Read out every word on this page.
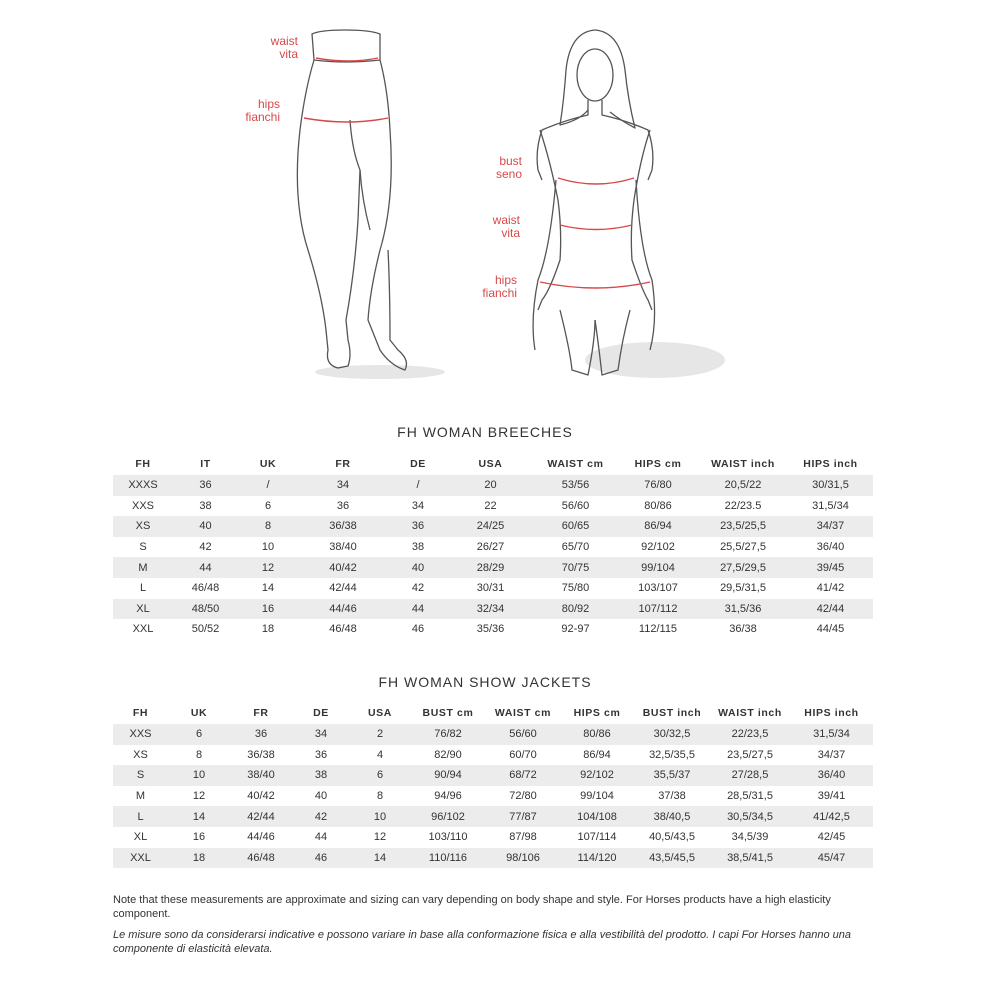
waist
vita
hips
fianchi
bust
seno
waist
vita
hips
fianchi
FH WOMAN BREECHES
FH	IT	UK	FR	DE	USA	WAIST cm	HIPS cm	WAIST inch	HIPS inch
XXXS	36	/	34	/	20	53/56	76/80	20,5/22	30/31,5
XXS	38	6	36	34	22	56/60	80/86	22/23.5	31,5/34
XS	40	8	36/38	36	24/25	60/65	86/94	23,5/25,5	34/37
S	42	10	38/40	38	26/27	65/70	92/102	25,5/27,5	36/40
M	44	12	40/42	40	28/29	70/75	99/104	27,5/29,5	39/45
L	46/48	14	42/44	42	30/31	75/80	103/107	29,5/31,5	41/42
XL	48/50	16	44/46	44	32/34	80/92	107/112	31,5/36	42/44
XXL	50/52	18	46/48	46	35/36	92-97	112/115	36/38	44/45
FH WOMAN SHOW JACKETS
FH	UK	FR	DE	USA	BUST cm	WAIST cm	HIPS cm	BUST inch	WAIST inch	HIPS inch
XXS	6	36	34	2	76/82	56/60	80/86	30/32,5	22/23,5	31,5/34
XS	8	36/38	36	4	82/90	60/70	86/94	32,5/35,5	23,5/27,5	34/37
S	10	38/40	38	6	90/94	68/72	92/102	35,5/37	27/28,5	36/40
M	12	40/42	40	8	94/96	72/80	99/104	37/38	28,5/31,5	39/41
L	14	42/44	42	10	96/102	77/87	104/108	38/40,5	30,5/34,5	41/42,5
XL	16	44/46	44	12	103/110	87/98	107/114	40,5/43,5	34,5/39	42/45
XXL	18	46/48	46	14	110/116	98/106	114/120	43,5/45,5	38,5/41,5	45/47
Note that these measurements are approximate and sizing can vary depending on body shape and style. For Horses products have a high elasticity component.
Le misure sono da considerarsi indicative e possono variare in base alla conformazione fisica e alla vestibilità del prodotto. I capi For Horses hanno una componente di elasticità elevata.
